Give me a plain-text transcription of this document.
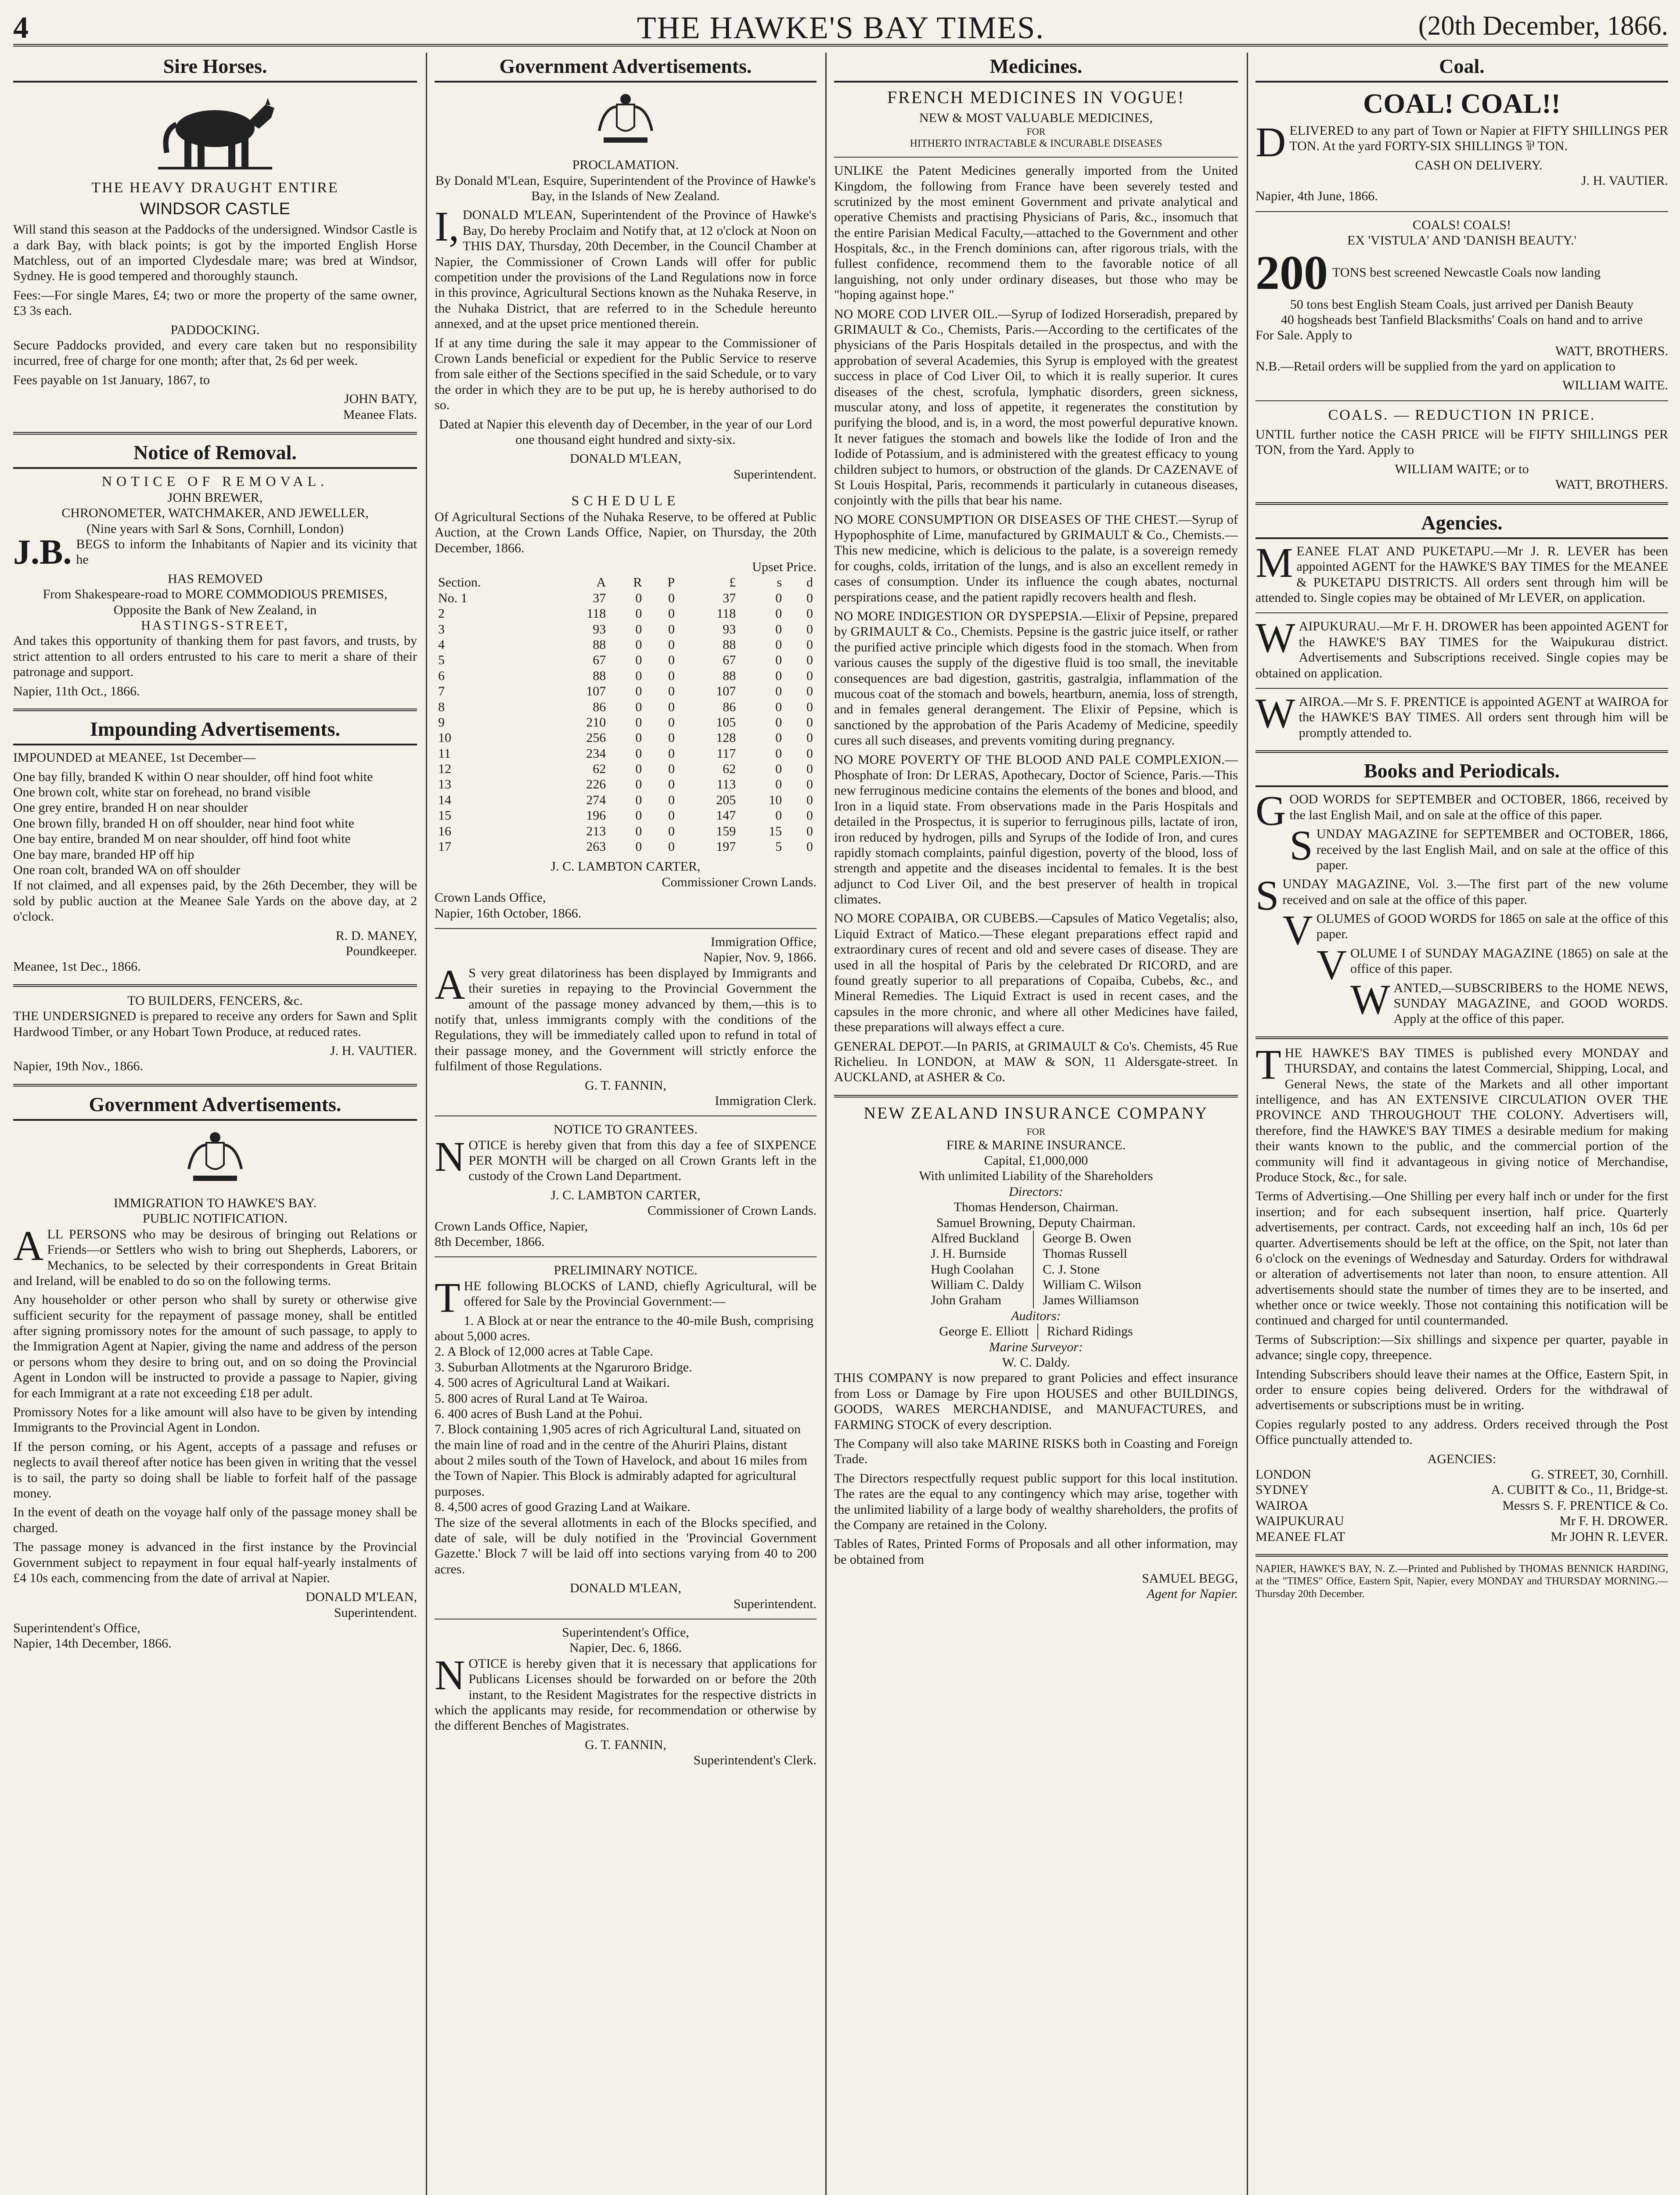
4	THE HAWKE'S BAY TIMES.	(20th December, 1866.
Sire Horses.
THE HEAVY DRAUGHT ENTIRE
WINDSOR CASTLE

Will stand this season at the Paddocks of the undersigned. Windsor Castle is a dark Bay, with black points; is got by the imported English Horse Matchless, out of an imported Clydesdale mare; was bred at Windsor, Sydney. He is good tempered and thoroughly staunch.

Fees:—For single Mares, £4; two or more the property of the same owner, £3 3s each.

PADDOCKING.

Secure Paddocks provided, and every care taken but no responsibility incurred, free of charge for one month; after that, 2s 6d per week.

Fees payable on 1st January, 1867, to

JOHN BATY,
Meanee Flats.
Notice of Removal.
NOTICE OF REMOVAL.
JOHN BREWER,
CHRONOMETER, WATCHMAKER, AND JEWELLER,
(Nine years with Sarl & Sons, Cornhill, London)

J.B. BEGS to inform the Inhabitants of Napier and its vicinity that he

HAS REMOVED
From Shakespeare-road to MORE COMMODIOUS PREMISES,
Opposite the Bank of New Zealand, in
HASTINGS-STREET,

And takes this opportunity of thanking them for past favors, and trusts, by strict attention to all orders entrusted to his care to merit a share of their patronage and support.

Napier, 11th Oct., 1866.
Impounding Advertisements.

IMPOUNDED at MEANEE, 1st December—

One bay filly, branded K within O near shoulder, off hind foot white
One brown colt, white star on forehead, no brand visible
One grey entire, branded H on near shoulder
One brown filly, branded H on off shoulder, near hind foot white
One bay entire, branded M on near shoulder, off hind foot white
One bay mare, branded HP off hip
One roan colt, branded WA on off shoulder

If not claimed, and all expenses paid, by the 26th December, they will be sold by public auction at the Meanee Sale Yards on the above day, at 2 o'clock.

R. D. MANEY,
Poundkeeper.
Meanee, 1st Dec., 1866.
TO BUILDERS, FENCERS, &c.

THE UNDERSIGNED is prepared to receive any orders for Sawn and Split Hardwood Timber, or any Hobart Town Produce, at reduced rates.

J. H. VAUTIER.
Napier, 19th Nov., 1866.
Government Advertisements.
IMMIGRATION TO HAWKE'S BAY.
PUBLIC NOTIFICATION.

ALL PERSONS who may be desirous of bringing out Relations or Friends—or Settlers who wish to bring out Shepherds, Laborers, or Mechanics, to be selected by their correspondents in Great Britain and Ireland, will be enabled to do so on the following terms.

Any householder or other person who shall by surety or otherwise give sufficient security for the repayment of passage money, shall be entitled after signing promissory notes for the amount of such passage, to apply to the Immigration Agent at Napier, giving the name and address of the person or persons whom they desire to bring out, and on so doing the Provincial Agent in London will be instructed to provide a passage to Napier, giving for each Immigrant at a rate not exceeding £18 per adult.

Promissory Notes for a like amount will also have to be given by intending Immigrants to the Provincial Agent in London.

If the person coming, or his Agent, accepts of a passage and refuses or neglects to avail thereof after notice has been given in writing that the vessel is to sail, the party so doing shall be liable to forfeit half of the passage money.

In the event of death on the voyage half only of the passage money shall be charged.

The passage money is advanced in the first instance by the Provincial Government subject to repayment in four equal half-yearly instalments of £4 10s each, commencing from the date of arrival at Napier.

DONALD M'LEAN,
Superintendent.
Superintendent's Office,
Napier, 14th December, 1866.
Government Advertisements.
PROCLAMATION.

By Donald M'Lean, Esquire, Superintendent of the Province of Hawke's Bay, in the Islands of New Zealand.

I,DONALD M'LEAN, Superintendent of the Province of Hawke's Bay, Do hereby Proclaim and Notify that, at 12 o'clock at Noon on THIS DAY, Thursday, 20th December, in the Council Chamber at Napier, the Commissioner of Crown Lands will offer for public competition under the provisions of the Land Regulations now in force in this province, Agricultural Sections known as the Nuhaka Reserve, in the Nuhaka District, that are referred to in the Schedule hereunto annexed, and at the upset price mentioned therein.

If at any time during the sale it may appear to the Commissioner of Crown Lands beneficial or expedient for the Public Service to reserve from sale either of the Sections specified in the said Schedule, or to vary the order in which they are to be put up, he is hereby authorised to do so.

Dated at Napier this eleventh day of December, in the year of our Lord one thousand eight hundred and sixty-six.

DONALD M'LEAN,
Superintendent.
SCHEDULE

Of Agricultural Sections of the Nuhaka Reserve, to be offered at Public Auction, at the Crown Lands Office, Napier, on Thursday, the 20th December, 1866.

Upset Price.
Section.	A	R	P	£	s	d
No. 1	37	0	0	37	0	0
2	118	0	0	118	0	0
3	93	0	0	93	0	0
4	88	0	0	88	0	0
5	67	0	0	67	0	0
6	88	0	0	88	0	0
7	107	0	0	107	0	0
8	86	0	0	86	0	0
9	210	0	0	105	0	0
10	256	0	0	128	0	0
11	234	0	0	117	0	0
12	62	0	0	62	0	0
13	226	0	0	113	0	0
14	274	0	0	205	10	0
15	196	0	0	147	0	0
16	213	0	0	159	15	0
17	263	0	0	197	5	0
J. C. LAMBTON CARTER,
Commissioner Crown Lands.
Crown Lands Office,
Napier, 16th October, 1866.
Immigration Office,
Napier, Nov. 9, 1866.

AS very great dilatoriness has been displayed by Immigrants and their sureties in repaying to the Provincial Government the amount of the passage money advanced by them,—this is to notify that, unless immigrants comply with the conditions of the Regulations, they will be immediately called upon to refund in total of their passage money, and the Government will strictly enforce the fulfilment of those Regulations.

G. T. FANNIN,
Immigration Clerk.
NOTICE TO GRANTEES.

NOTICE is hereby given that from this day a fee of SIXPENCE PER MONTH will be charged on all Crown Grants left in the custody of the Crown Land Department.

J. C. LAMBTON CARTER,
Commissioner of Crown Lands.
Crown Lands Office, Napier,
8th December, 1866.
PRELIMINARY NOTICE.

THE following BLOCKS of LAND, chiefly Agricultural, will be offered for Sale by the Provincial Government:—

1. A Block at or near the entrance to the 40-mile Bush, comprising about 5,000 acres.
2. A Block of 12,000 acres at Table Cape.
3. Suburban Allotments at the Ngaruroro Bridge.
4. 500 acres of Agricultural Land at Waikari.
5. 800 acres of Rural Land at Te Wairoa.
6. 400 acres of Bush Land at the Pohui.
7. Block containing 1,905 acres of rich Agricultural Land, situated on the main line of road and in the centre of the Ahuriri Plains, distant about 2 miles south of the Town of Havelock, and about 16 miles from the Town of Napier. This Block is admirably adapted for agricultural purposes.
8. 4,500 acres of good Grazing Land at Waikare.

The size of the several allotments in each of the Blocks specified, and date of sale, will be duly notified in the 'Provincial Government Gazette.' Block 7 will be laid off into sections varying from 40 to 200 acres.

DONALD M'LEAN,
Superintendent.
Superintendent's Office,
Napier, Dec. 6, 1866.

NOTICE is hereby given that it is necessary that applications for Publicans Licenses should be forwarded on or before the 20th instant, to the Resident Magistrates for the respective districts in which the applicants may reside, for recommendation or otherwise by the different Benches of Magistrates.

G. T. FANNIN,
Superintendent's Clerk.
Medicines.
FRENCH MEDICINES IN VOGUE!
NEW & MOST VALUABLE MEDICINES,
FOR
HITHERTO INTRACTABLE & INCURABLE DISEASES

UNLIKE the Patent Medicines generally imported from the United Kingdom, the following from France have been severely tested and scrutinized by the most eminent Government and private analytical and operative Chemists and practising Physicians of Paris, &c., insomuch that the entire Parisian Medical Faculty,—attached to the Government and other Hospitals, &c., in the French dominions can, after rigorous trials, with the fullest confidence, recommend them to the favorable notice of all languishing, not only under ordinary diseases, but those who may be "hoping against hope."

NO MORE COD LIVER OIL.—Syrup of Iodized Horseradish, prepared by GRIMAULT & Co., Chemists, Paris.—According to the certificates of the physicians of the Paris Hospitals detailed in the prospectus, and with the approbation of several Academies, this Syrup is employed with the greatest success in place of Cod Liver Oil, to which it is really superior. It cures diseases of the chest, scrofula, lymphatic disorders, green sickness, muscular atony, and loss of appetite, it regenerates the constitution by purifying the blood, and is, in a word, the most powerful depurative known. It never fatigues the stomach and bowels like the Iodide of Iron and the Iodide of Potassium, and is administered with the greatest efficacy to young children subject to humors, or obstruction of the glands. Dr CAZENAVE of St Louis Hospital, Paris, recommends it particularly in cutaneous diseases, conjointly with the pills that bear his name.

NO MORE CONSUMPTION OR DISEASES OF THE CHEST.—Syrup of Hypophosphite of Lime, manufactured by GRIMAULT & Co., Chemists.—This new medicine, which is delicious to the palate, is a sovereign remedy for coughs, colds, irritation of the lungs, and is also an excellent remedy in cases of consumption. Under its influence the cough abates, nocturnal perspirations cease, and the patient rapidly recovers health and flesh.

NO MORE INDIGESTION OR DYSPEPSIA.—Elixir of Pepsine, prepared by GRIMAULT & Co., Chemists. Pepsine is the gastric juice itself, or rather the purified active principle which digests food in the stomach. When from various causes the supply of the digestive fluid is too small, the inevitable consequences are bad digestion, gastritis, gastralgia, inflammation of the mucous coat of the stomach and bowels, heartburn, anemia, loss of strength, and in females general derangement. The Elixir of Pepsine, which is sanctioned by the approbation of the Paris Academy of Medicine, speedily cures all such diseases, and prevents vomiting during pregnancy.

NO MORE POVERTY OF THE BLOOD AND PALE COMPLEXION.—Phosphate of Iron: Dr LERAS, Apothecary, Doctor of Science, Paris.—This new ferruginous medicine contains the elements of the bones and blood, and Iron in a liquid state. From observations made in the Paris Hospitals and detailed in the Prospectus, it is superior to ferruginous pills, lactate of iron, iron reduced by hydrogen, pills and Syrups of the Iodide of Iron, and cures rapidly stomach complaints, painful digestion, poverty of the blood, loss of strength and appetite and the diseases incidental to females. It is the best adjunct to Cod Liver Oil, and the best preserver of health in tropical climates.

NO MORE COPAIBA, OR CUBEBS.—Capsules of Matico Vegetalis; also, Liquid Extract of Matico.—These elegant preparations effect rapid and extraordinary cures of recent and old and severe cases of disease. They are used in all the hospital of Paris by the celebrated Dr RICORD, and are found greatly superior to all preparations of Copaiba, Cubebs, &c., and Mineral Remedies. The Liquid Extract is used in recent cases, and the capsules in the more chronic, and where all other Medicines have failed, these preparations will always effect a cure.

GENERAL DEPOT.—In PARIS, at GRIMAULT & Co's. Chemists, 45 Rue Richelieu. In LONDON, at MAW & SON, 11 Aldersgate-street. In AUCKLAND, at ASHER & Co.

NEW ZEALAND INSURANCE COMPANY
FOR
FIRE & MARINE INSURANCE.
Capital, £1,000,000
With unlimited Liability of the Shareholders
Directors:
Thomas Henderson, Chairman.
Samuel Browning, Deputy Chairman.
Alfred Buckland
J. H. Burnside
Hugh Coolahan
William C. Daldy
John Graham
George B. Owen
Thomas Russell
C. J. Stone
William C. Wilson
James Williamson
Auditors:
George E. Elliott Richard Ridings
Marine Surveyor:
W. C. Daldy.

THIS COMPANY is now prepared to grant Policies and effect insurance from Loss or Damage by Fire upon HOUSES and other BUILDINGS, GOODS, WARES MERCHANDISE, and MANUFACTURES, and FARMING STOCK of every description.

The Company will also take MARINE RISKS both in Coasting and Foreign Trade.

The Directors respectfully request public support for this local institution. The rates are the equal to any contingency which may arise, together with the unlimited liability of a large body of wealthy shareholders, the profits of the Company are retained in the Colony.

Tables of Rates, Printed Forms of Proposals and all other information, may be obtained from

SAMUEL BEGG,
Agent for Napier.
Coal.
COAL! COAL!!

DELIVERED to any part of Town or Napier at FIFTY SHILLINGS PER TON. At the yard FORTY-SIX SHILLINGS ⅌ TON.

CASH ON DELIVERY.
J. H. VAUTIER.
Napier, 4th June, 1866.
COALS! COALS!
EX 'VISTULA' AND 'DANISH BEAUTY.'
200 TONS best screened Newcastle Coals now landing
50 tons best English Steam Coals, just arrived per Danish Beauty
40 hogsheads best Tanfield Blacksmiths' Coals on hand and to arrive
For Sale. Apply to
WATT, BROTHERS.

N.B.—Retail orders will be supplied from the yard on application to

WILLIAM WAITE.
COALS. — REDUCTION IN PRICE.

UNTIL further notice the CASH PRICE will be FIFTY SHILLINGS PER TON, from the Yard. Apply to

WILLIAM WAITE; or to
WATT, BROTHERS.
Agencies.

MEANEE FLAT AND PUKETAPU.—Mr J. R. LEVER has been appointed AGENT for the HAWKE'S BAY TIMES for the MEANEE & PUKETAPU DISTRICTS. All orders sent through him will be attended to. Single copies may be obtained of Mr LEVER, on application.

WAIPUKURAU.—Mr F. H. DROWER has been appointed AGENT for the HAWKE'S BAY TIMES for the Waipukurau district. Advertisements and Subscriptions received. Single copies may be obtained on application.

WAIROA.—Mr S. F. PRENTICE is appointed AGENT at WAIROA for the HAWKE'S BAY TIMES. All orders sent through him will be promptly attended to.

Books and Periodicals.

GOOD WORDS for SEPTEMBER and OCTOBER, 1866, received by the last English Mail, and on sale at the office of this paper.

SUNDAY MAGAZINE for SEPTEMBER and OCTOBER, 1866, received by the last English Mail, and on sale at the office of this paper.

SUNDAY MAGAZINE, Vol. 3.—The first part of the new volume received and on sale at the office of this paper.

VOLUMES of GOOD WORDS for 1865 on sale at the office of this paper.

VOLUME I of SUNDAY MAGAZINE (1865) on sale at the office of this paper.

WANTED,—SUBSCRIBERS to the HOME NEWS, SUNDAY MAGAZINE, and GOOD WORDS. Apply at the office of this paper.

THE HAWKE'S BAY TIMES is published every MONDAY and THURSDAY, and contains the latest Commercial, Shipping, Local, and General News, the state of the Markets and all other important intelligence, and has AN EXTENSIVE CIRCULATION OVER THE PROVINCE AND THROUGHOUT THE COLONY. Advertisers will, therefore, find the HAWKE'S BAY TIMES a desirable medium for making their wants known to the public, and the commercial portion of the community will find it advantageous in giving notice of Merchandise, Produce Stock, &c., for sale.

Terms of Advertising.—One Shilling per every half inch or under for the first insertion; and for each subsequent insertion, half price. Quarterly advertisements, per contract. Cards, not exceeding half an inch, 10s 6d per quarter. Advertisements should be left at the office, on the Spit, not later than 6 o'clock on the evenings of Wednesday and Saturday. Orders for withdrawal or alteration of advertisements not later than noon, to ensure attention. All advertisements should state the number of times they are to be inserted, and whether once or twice weekly. Those not containing this notification will be continued and charged for until countermanded.

Terms of Subscription:—Six shillings and sixpence per quarter, payable in advance; single copy, threepence.

Intending Subscribers should leave their names at the Office, Eastern Spit, in order to ensure copies being delivered. Orders for the withdrawal of advertisements or subscriptions must be in writing.

Copies regularly posted to any address. Orders received through the Post Office punctually attended to.

AGENCIES:
LONDON	G. STREET, 30, Cornhill.
SYDNEY	A. CUBITT & Co., 11, Bridge-st.
WAIROA	Messrs S. F. PRENTICE & Co.
WAIPUKURAU	Mr F. H. DROWER.
MEANEE FLAT	Mr JOHN R. LEVER.

NAPIER, HAWKE'S BAY, N. Z.—Printed and Published by THOMAS BENNICK HARDING, at the "TIMES" Office, Eastern Spit, Napier, every MONDAY and THURSDAY MORNING.—Thursday 20th December.
